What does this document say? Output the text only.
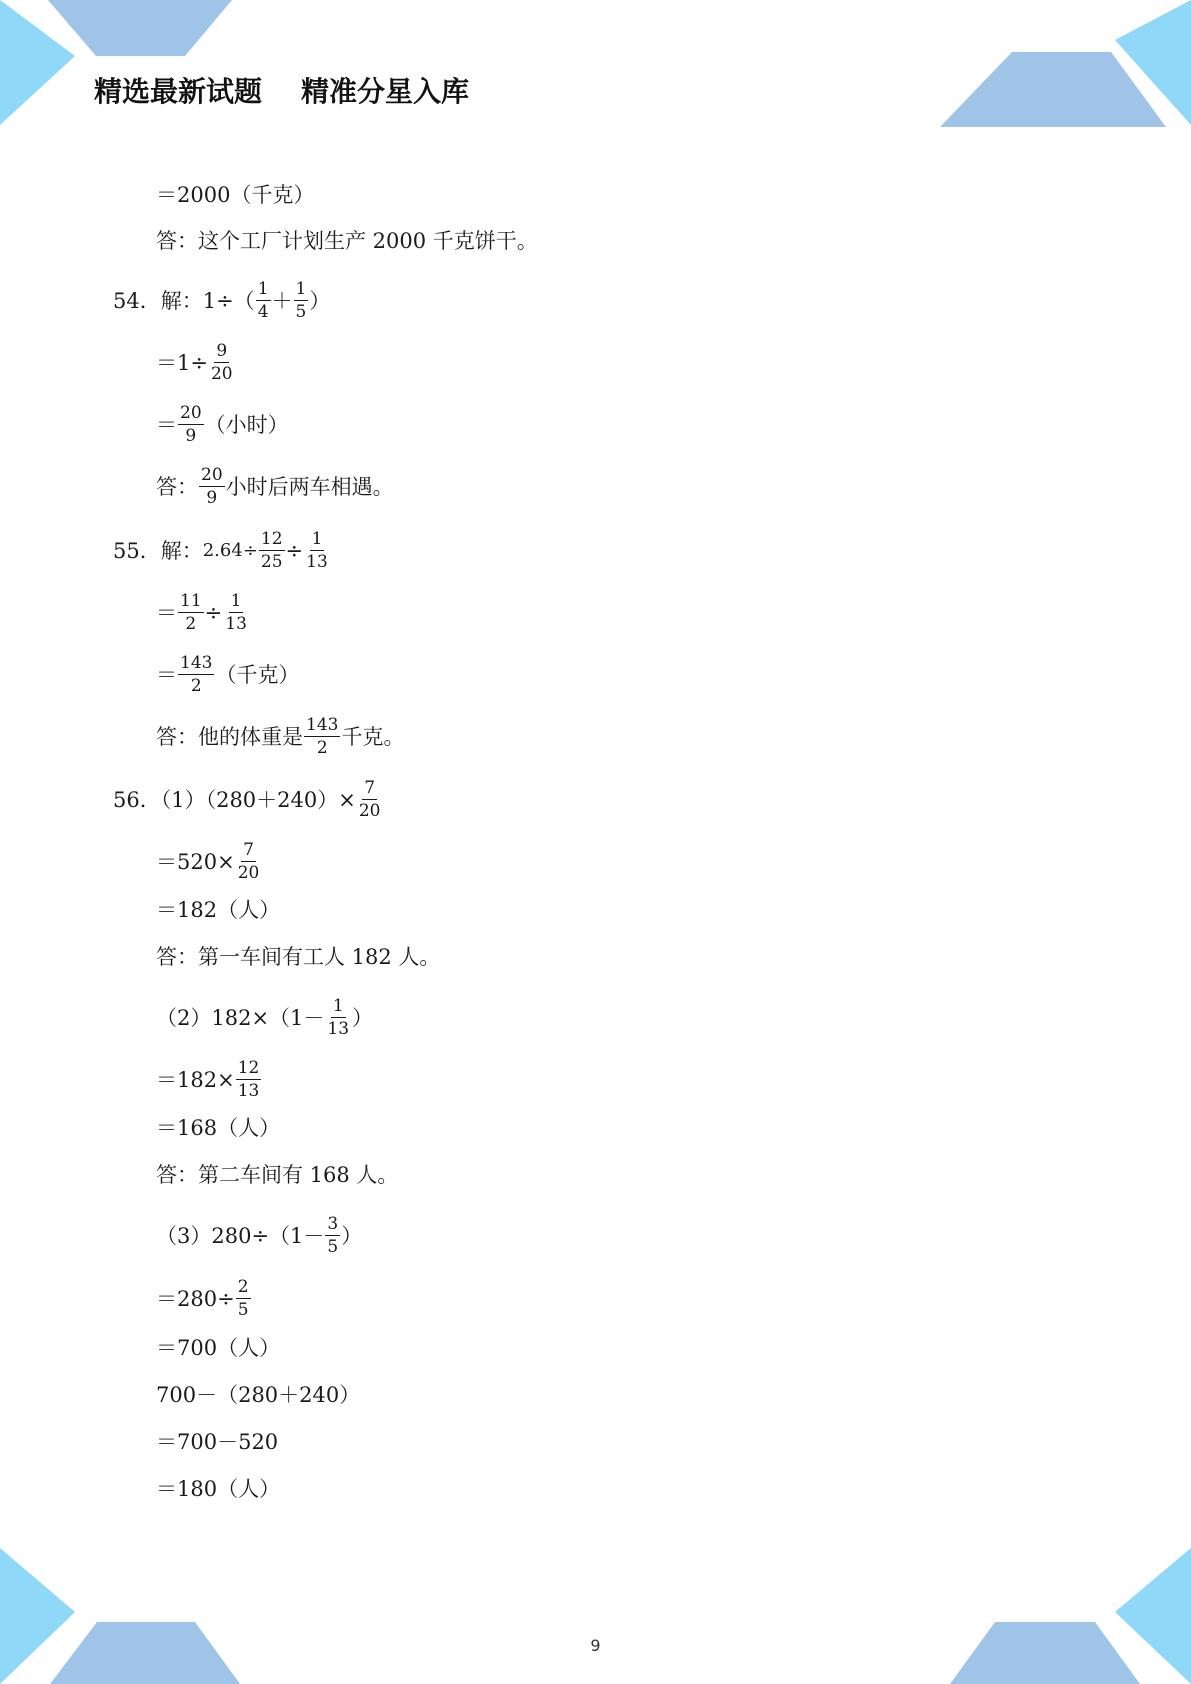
精选最新试题    精准分星入库
＝2000（千克）
答：这个工厂计划生产 2000 千克饼干。
54．解：$1\div( \frac{1}{4} + \frac{1}{5}$ ）
$=1\div \frac{9}{20}$
＝ $\frac{20}{9}$ （小时）
答： $\frac{20}{9}$ 小时后两车相遇。
55．解： $2.64\div \frac{12}{25} \div \frac{1}{13}$
＝ $\frac{11}{2} \div \frac{1}{13}$
＝ $\frac{143}{2}$ （千克）
答：他的体重是 $\frac{143}{2}$ 千克。
56．$(1)(280+240)\times \frac{7}{20}$
$=520\times \frac{7}{20}$
＝182（人）
答：第一车间有工人 182 人。
$(2)182\times(1- \frac{1}{13}$ ）
$=182\times \frac{12}{13}$
＝168（人）
答：第二车间有 168 人。
$(3)280\div(1- \frac{3}{5}$ ）
$=280\div \frac{2}{5}$
＝700（人）
700－（280＋240）
＝700－520
＝180（人）
9
